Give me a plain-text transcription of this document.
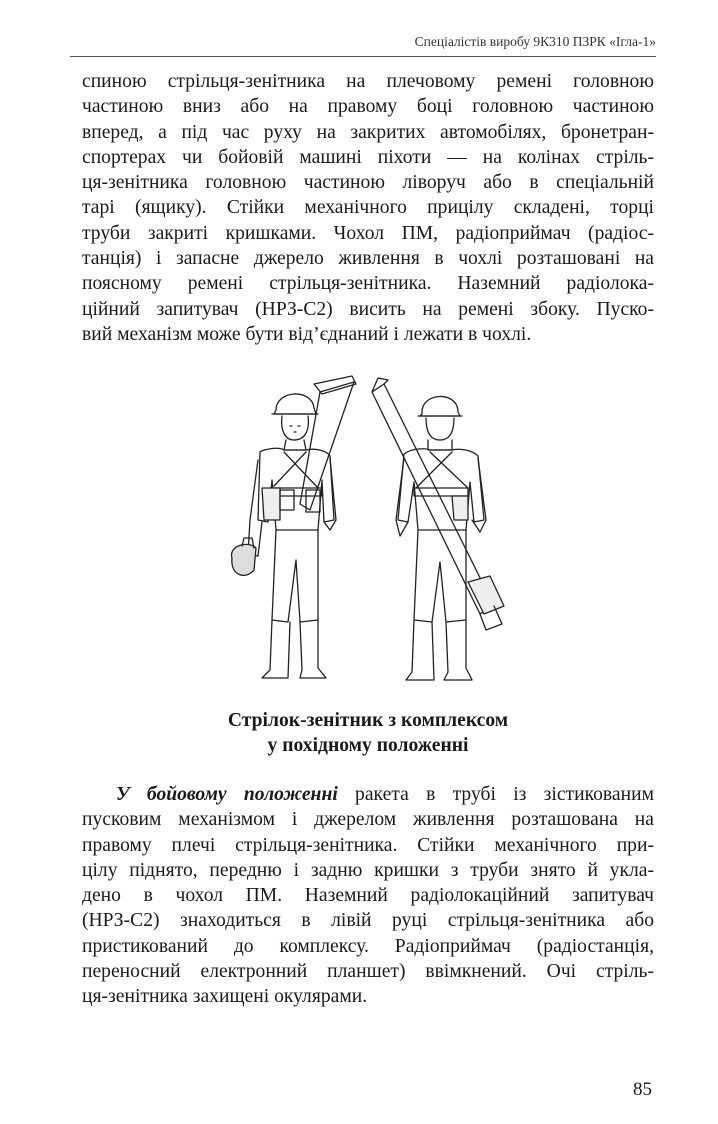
Спеціалістів виробу 9К310 ПЗРК «Ігла-1»
спиною стрільця-зенітника на плечовому ремені головною
частиною вниз або на правому боці головною частиною
вперед, а під час руху на закритих автомобілях, бронетран-
спортерах чи бойовій машині піхоти — на колінах стріль-
ця-зенітника головною частиною ліворуч або в спеціальній
тарі (ящику). Стійки механічного прицілу складені, торці
труби закриті кришками. Чохол ПМ, радіоприймач (радіос-
танція) і запасне джерело живлення в чохлі розташовані на
поясному ремені стрільця-зенітника. Наземний радіолока-
ційний запитувач (НРЗ-С2) висить на ремені збоку. Пуско-
вий механізм може бути від’єднаний і лежати в чохлі.
Стрілок-зенітник з комплексом
у похідному положенні
У бойовому положенні ракета в трубі із зістикованим
пусковим механізмом і джерелом живлення розташована на
правому плечі стрільця-зенітника. Стійки механічного при-
цілу піднято, передню і задню кришки з труби знято й укла-
дено в чохол ПМ. Наземний радіолокаційний запитувач
(НРЗ-С2) знаходиться в лівій руці стрільця-зенітника або
пристикований до комплексу. Радіоприймач (радіостанція,
переносний електронний планшет) ввімкнений. Очі стріль-
ця-зенітника захищені окулярами.
85
